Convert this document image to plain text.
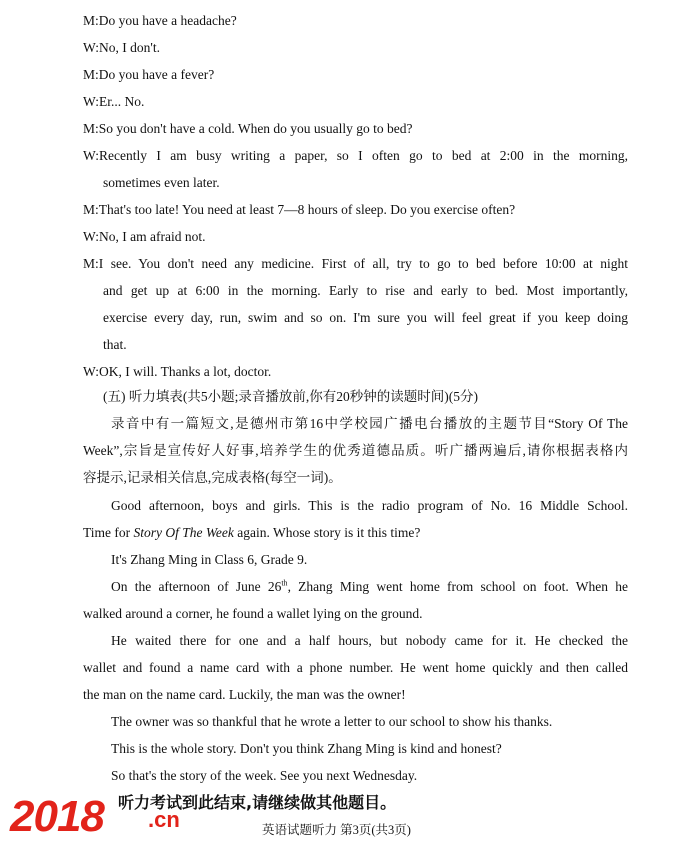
M:Do you have a headache?
W:No, I don't.
M:Do you have a fever?
W:Er... No.
M:So you don't have a cold. When do you usually go to bed?
W:Recently I am busy writing a paper, so I often go to bed at 2:00 in the morning,
sometimes even later.
M:That's too late! You need at least 7—8 hours of sleep. Do you exercise often?
W:No, I am afraid not.
M:I see. You don't need any medicine. First of all, try to go to bed before 10:00 at night
and get up at 6:00 in the morning. Early to rise and early to bed. Most importantly,
exercise every day, run, swim and so on. I'm sure you will feel great if you keep doing
that.
W:OK, I will. Thanks a lot, doctor.
(五) 听力填表(共5小题;录音播放前,你有20秒钟的读题时间)(5分)
录音中有一篇短文,是德州市第16中学校园广播电台播放的主题节目“Story Of The
Week”,宗旨是宣传好人好事,培养学生的优秀道德品质。听广播两遍后,请你根据表格内
容提示,记录相关信息,完成表格(每空一词)。
Good afternoon, boys and girls. This is the radio program of No. 16 Middle School.
Time for Story Of The Week again. Whose story is it this time?
It's Zhang Ming in Class 6, Grade 9.
On the afternoon of June 26th, Zhang Ming went home from school on foot. When he
walked around a corner, he found a wallet lying on the ground.
He waited there for one and a half hours, but nobody came for it. He checked the
wallet and found a name card with a phone number. He went home quickly and then called
the man on the name card. Luckily, the man was the owner!
The owner was so thankful that he wrote a letter to our school to show his thanks.
This is the whole story. Don't you think Zhang Ming is kind and honest?
So that's the story of the week. See you next Wednesday.
听力考试到此结束,请继续做其他题目。
2018 .cn	英语试题听力 第3页(共3页)
